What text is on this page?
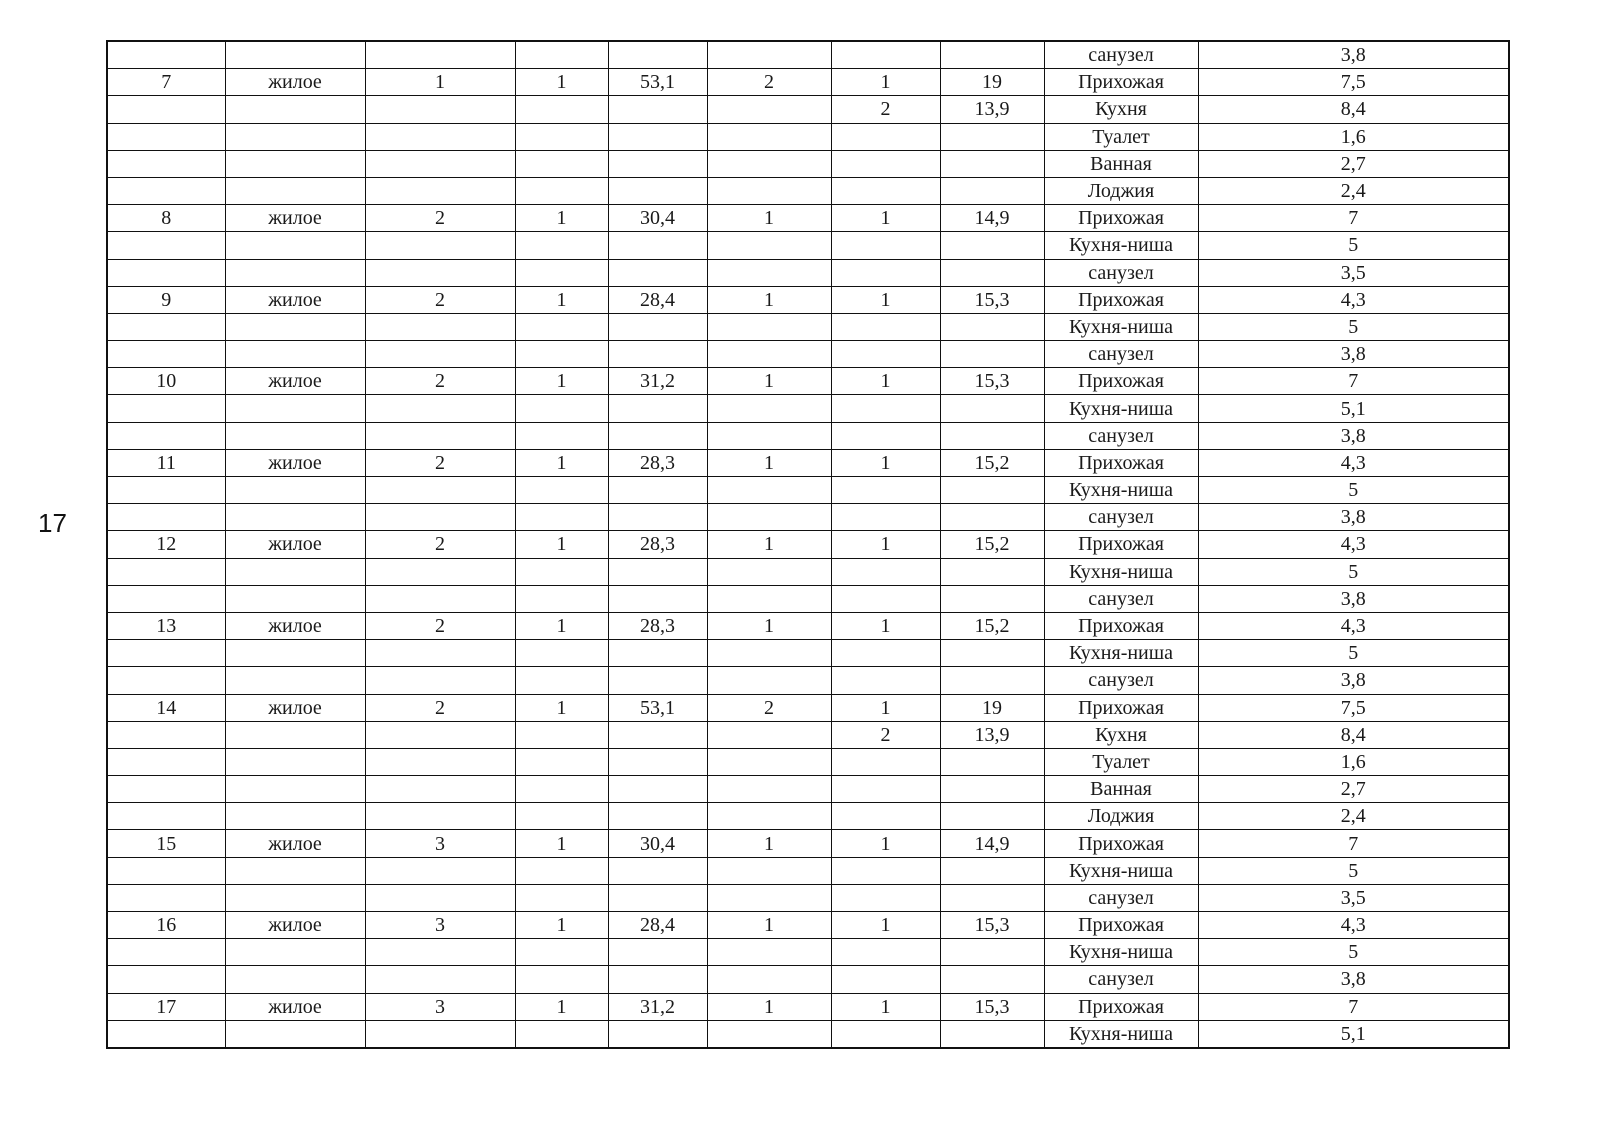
17
								санузел	3,8
7	жилое	1	1	53,1	2	1	19	Прихожая	7,5
						2	13,9	Кухня	8,4
								Туалет	1,6
								Ванная	2,7
								Лоджия	2,4
8	жилое	2	1	30,4	1	1	14,9	Прихожая	7
								Кухня-ниша	5
								санузел	3,5
9	жилое	2	1	28,4	1	1	15,3	Прихожая	4,3
								Кухня-ниша	5
								санузел	3,8
10	жилое	2	1	31,2	1	1	15,3	Прихожая	7
								Кухня-ниша	5,1
								санузел	3,8
11	жилое	2	1	28,3	1	1	15,2	Прихожая	4,3
								Кухня-ниша	5
								санузел	3,8
12	жилое	2	1	28,3	1	1	15,2	Прихожая	4,3
								Кухня-ниша	5
								санузел	3,8
13	жилое	2	1	28,3	1	1	15,2	Прихожая	4,3
								Кухня-ниша	5
								санузел	3,8
14	жилое	2	1	53,1	2	1	19	Прихожая	7,5
						2	13,9	Кухня	8,4
								Туалет	1,6
								Ванная	2,7
								Лоджия	2,4
15	жилое	3	1	30,4	1	1	14,9	Прихожая	7
								Кухня-ниша	5
								санузел	3,5
16	жилое	3	1	28,4	1	1	15,3	Прихожая	4,3
								Кухня-ниша	5
								санузел	3,8
17	жилое	3	1	31,2	1	1	15,3	Прихожая	7
								Кухня-ниша	5,1
